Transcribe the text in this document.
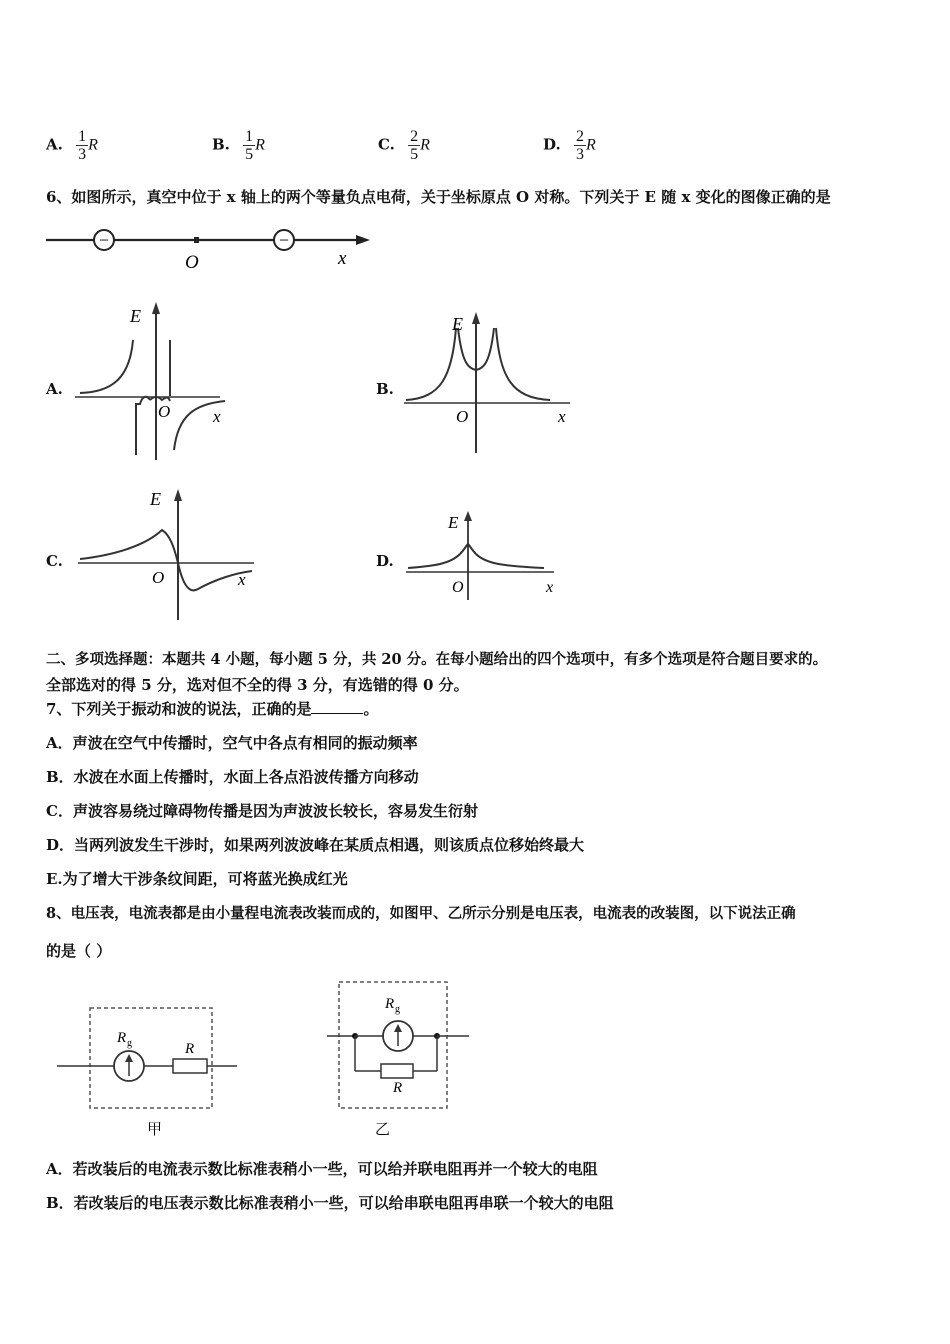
A. $\frac{1}{3}$ R	B. $\frac{1}{5}$ R	C. $\frac{2}{5}$ R	D. $\frac{2}{3}$ R
6、如图所示，真空中位于 x 轴上的两个等量负点电荷，关于坐标原点 O 对称。下列关于 E 随 x 变化的图像正确的是
−	−
O	x
A.
E
O	x
B.
E
O	x
C.
E
O	x
D.
E
O	x
二、多项选择题：本题共 4 小题，每小题 5 分，共 20 分。在每小题给出的四个选项中，有多个选项是符合题目要求的。
全部选对的得 5 分，选对但不全的得 3 分，有选错的得 0 分。
7、下列关于振动和波的说法，正确的是	。
A．声波在空气中传播时，空气中各点有相同的振动频率
B．水波在水面上传播时，水面上各点沿波传播方向移动
C．声波容易绕过障碍物传播是因为声波波长较长，容易发生衍射
D．当两列波发生干涉时，如果两列波波峰在某质点相遇，则该质点位移始终最大
E.为了增大干涉条纹间距，可将蓝光换成红光
8、电压表，电流表都是由小量程电流表改装而成的，如图甲、乙所示分别是电压表，电流表的改装图，以下说法正确
的是（ ）
R g	R
甲
R g
R
乙
A．若改装后的电流表示数比标准表稍小一些，可以给并联电阻再并一个较大的电阻
B．若改装后的电压表示数比标准表稍小一些，可以给串联电阻再串联一个较大的电阻
